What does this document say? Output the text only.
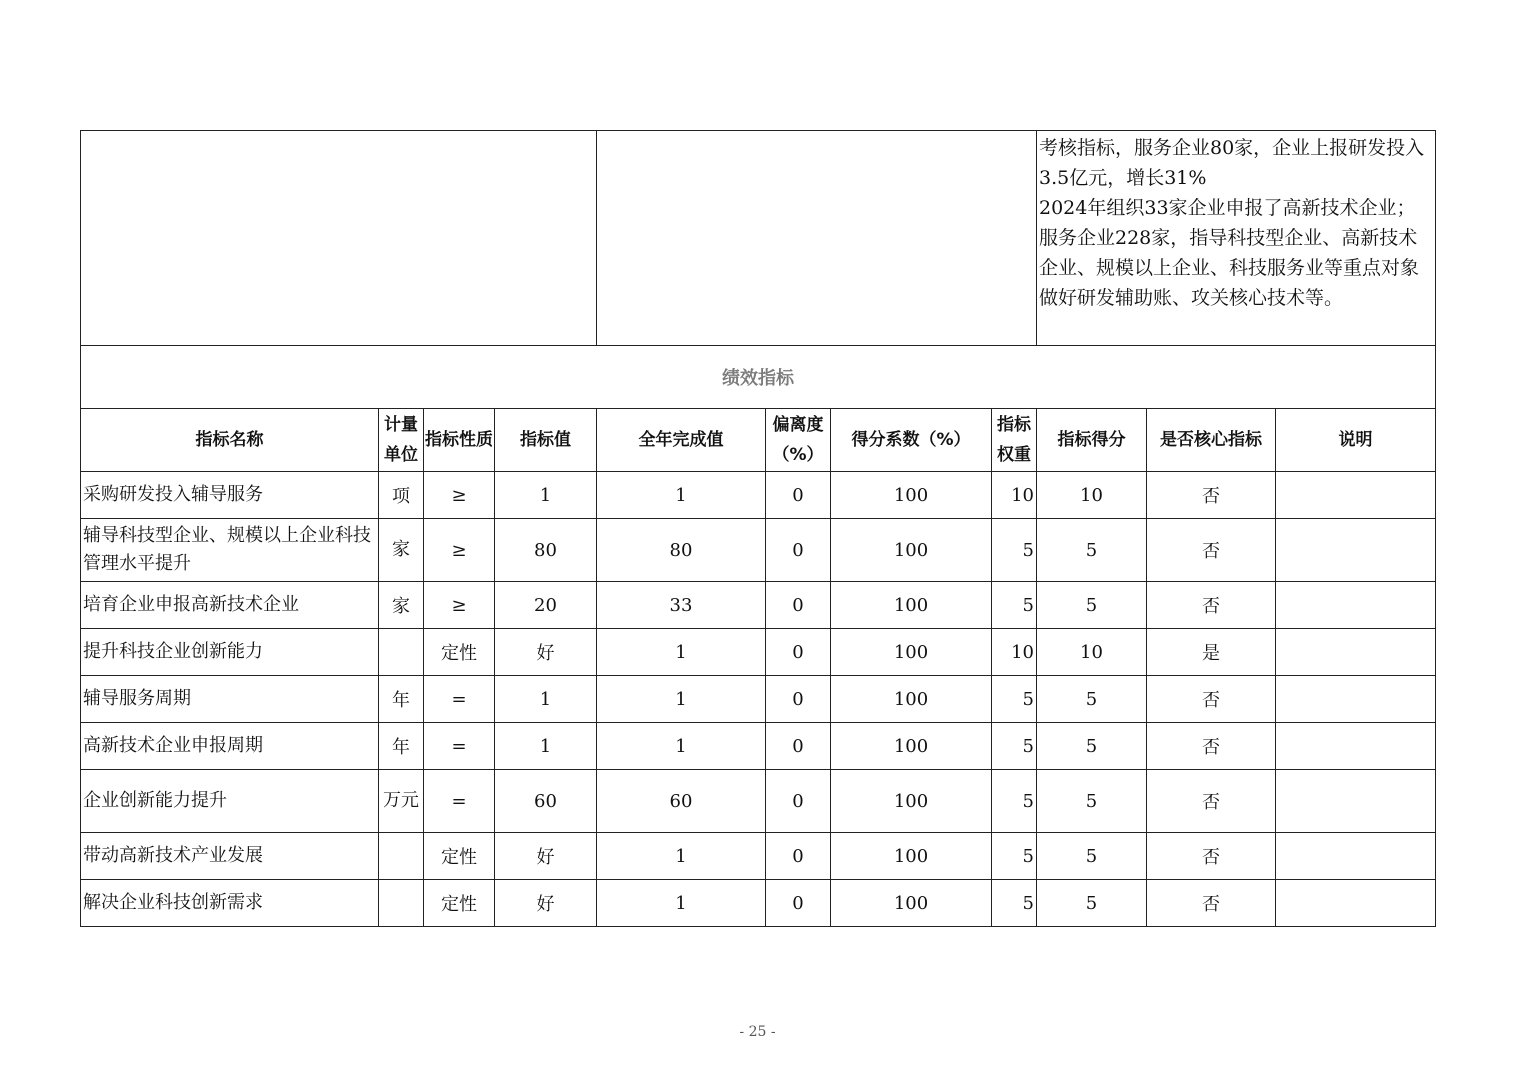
								考核指标，服务企业80家，企业上报研发投入3.5亿元，增长31%
2024年组织33家企业申报了高新技术企业；服务企业228家，指导科技型企业、高新技术企业、规模以上企业、科技服务业等重点对象做好研发辅助账、攻关核心技术等。		

绩效指标										
指标名称	计量单位	指标性质	指标值	全年完成值	偏离度（%）	得分系数（%）	指标权重	指标得分	是否核心指标	说明
采购研发投入辅导服务	项	≥	1	1	0	100	10	10	否	
辅导科技型企业、规模以上企业科技管理水平提升	家	≥	80	80	0	100	5	5	否	
培育企业申报高新技术企业	家	≥	20	33	0	100	5	5	否	
提升科技企业创新能力		定性	好	1	0	100	10	10	是	
辅导服务周期	年	=	1	1	0	100	5	5	否	
高新技术企业申报周期	年	=	1	1	0	100	5	5	否	
企业创新能力提升	万元	=	60	60	0	100	5	5	否	
带动高新技术产业发展		定性	好	1	0	100	5	5	否	
解决企业科技创新需求		定性	好	1	0	100	5	5	否	
- 25 -
